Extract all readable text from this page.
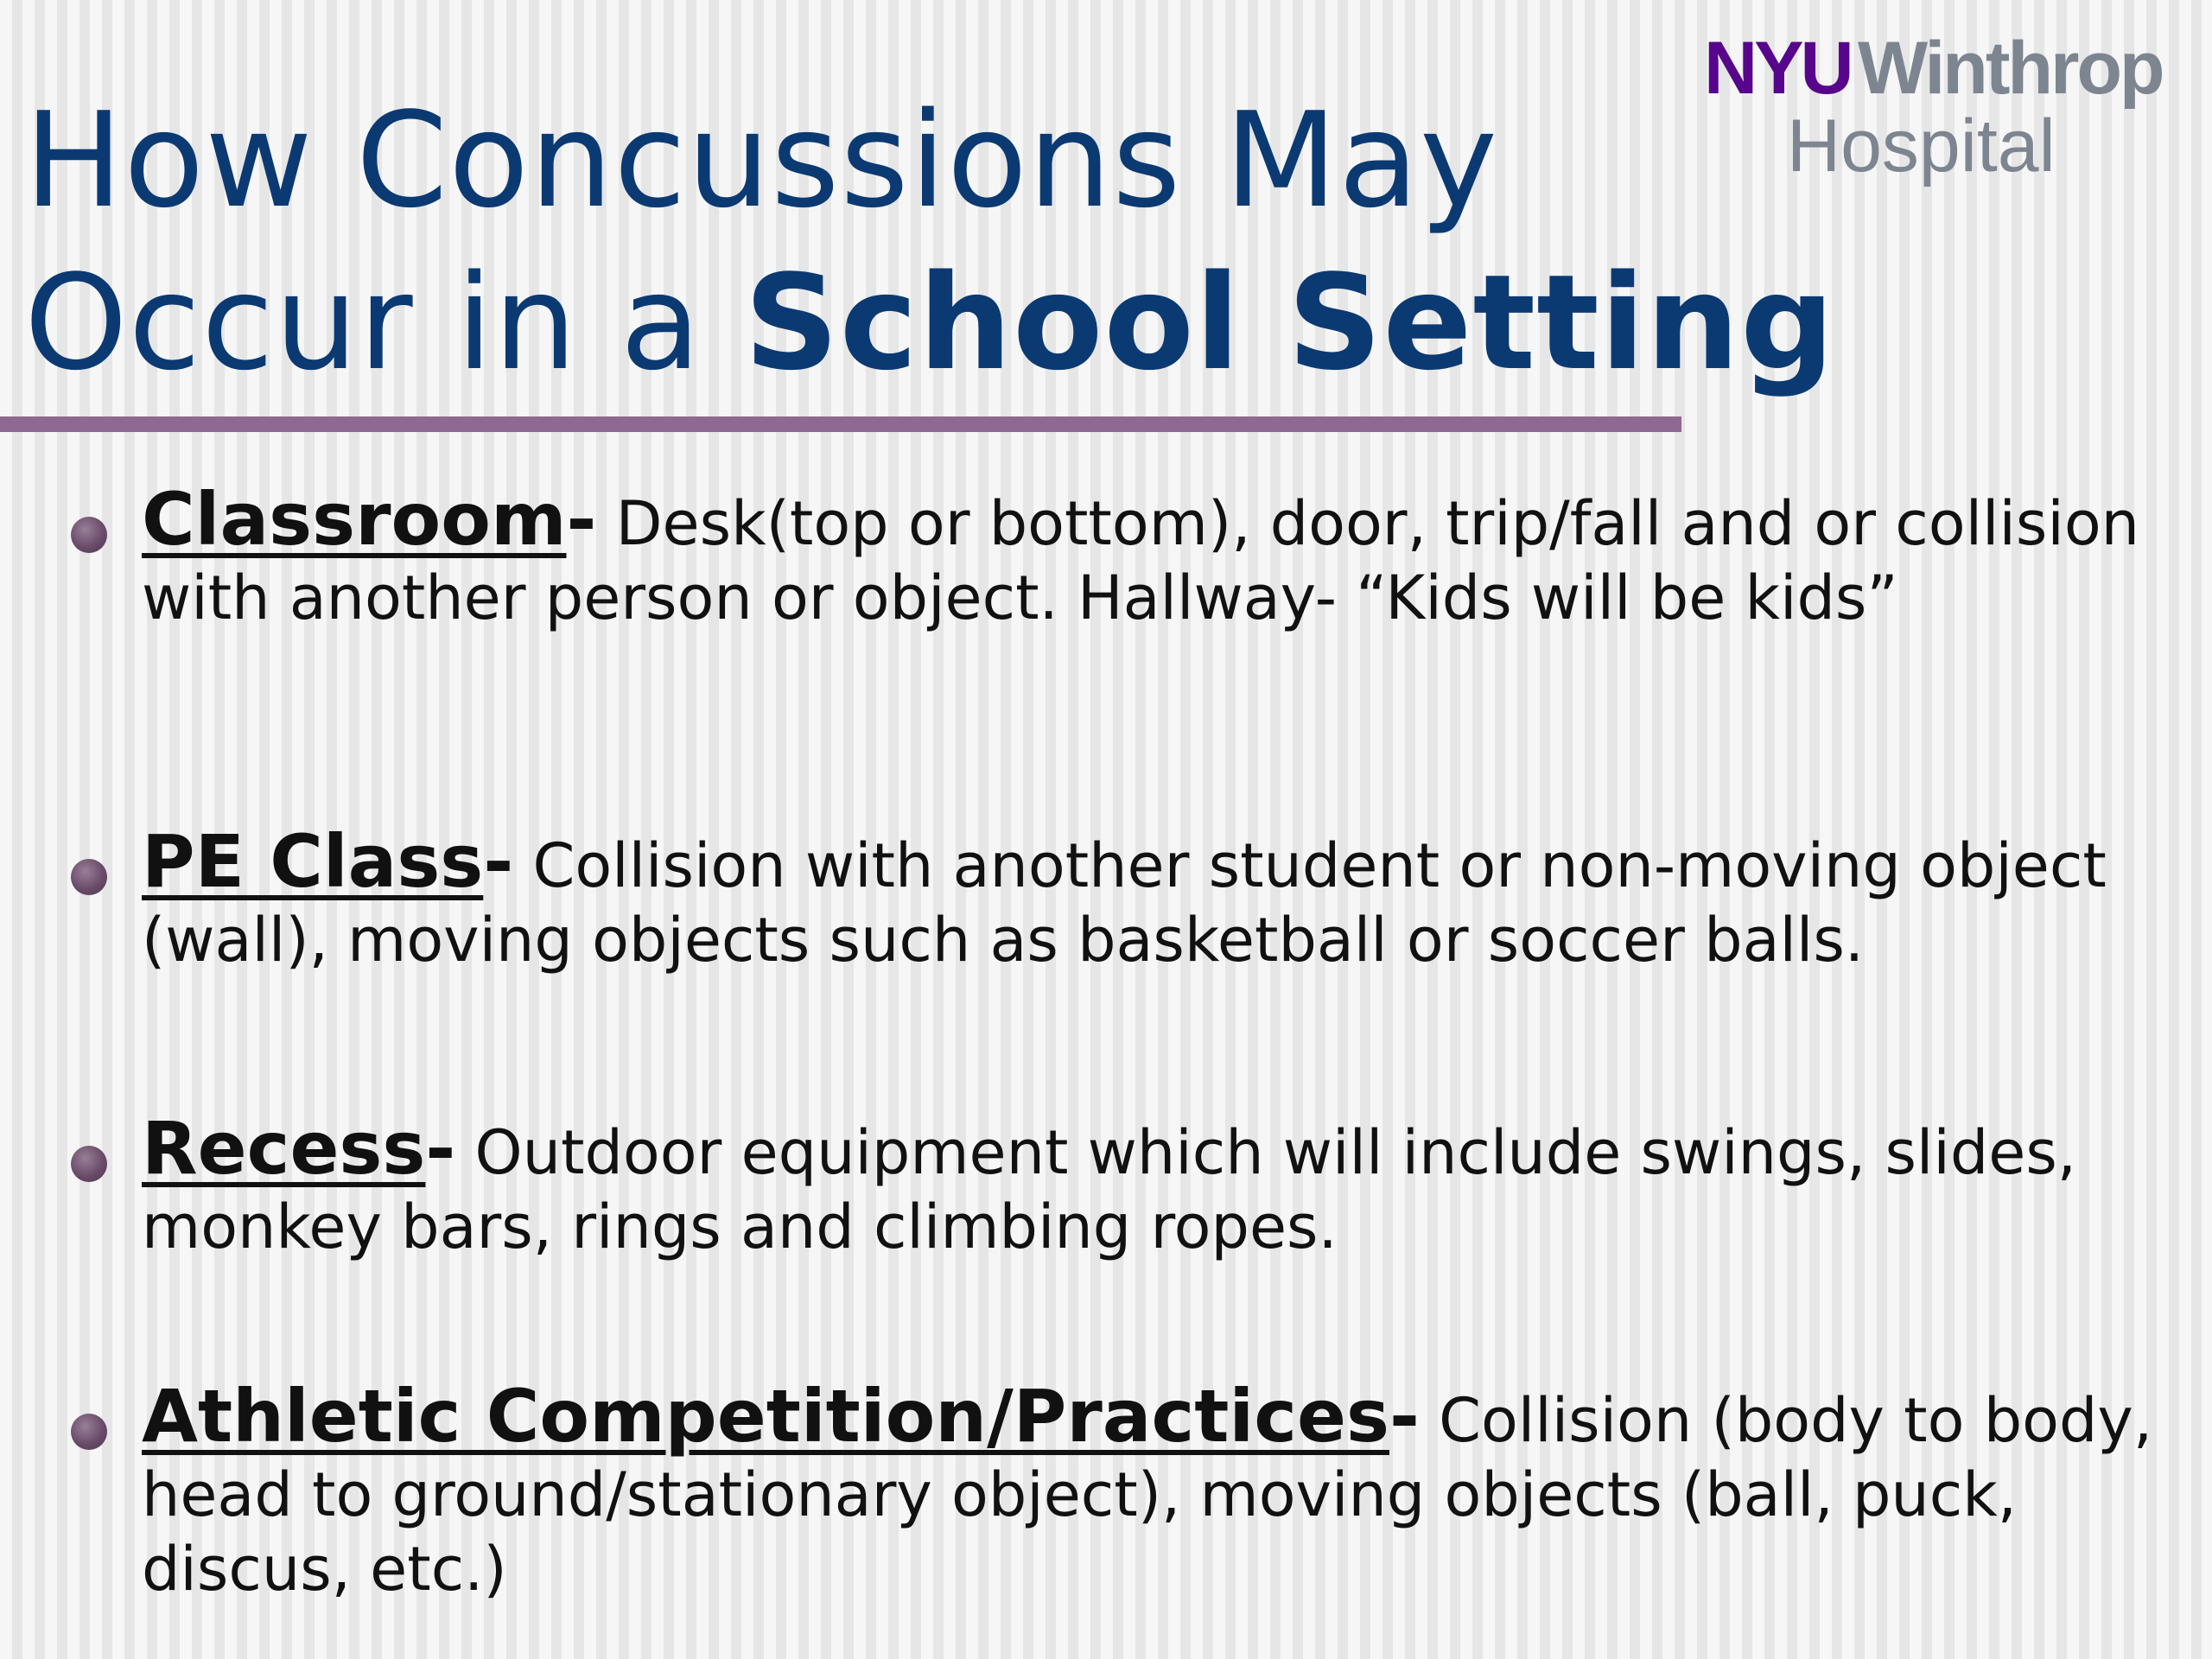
NYU Winthrop
Hospital
How Concussions May
Occur in a School Setting

Classroom- Desk(top or bottom), door, trip/fall and or collision with another person or object. Hallway- “Kids will be kids”

PE Class- Collision with another student or non-moving object (wall), moving objects such as basketball or soccer balls.

Recess- Outdoor equipment which will include swings, slides, monkey bars, rings and climbing ropes.

Athletic Competition/Practices- Collision (body to body, head to ground/stationary object), moving objects (ball, puck, discus, etc.)
